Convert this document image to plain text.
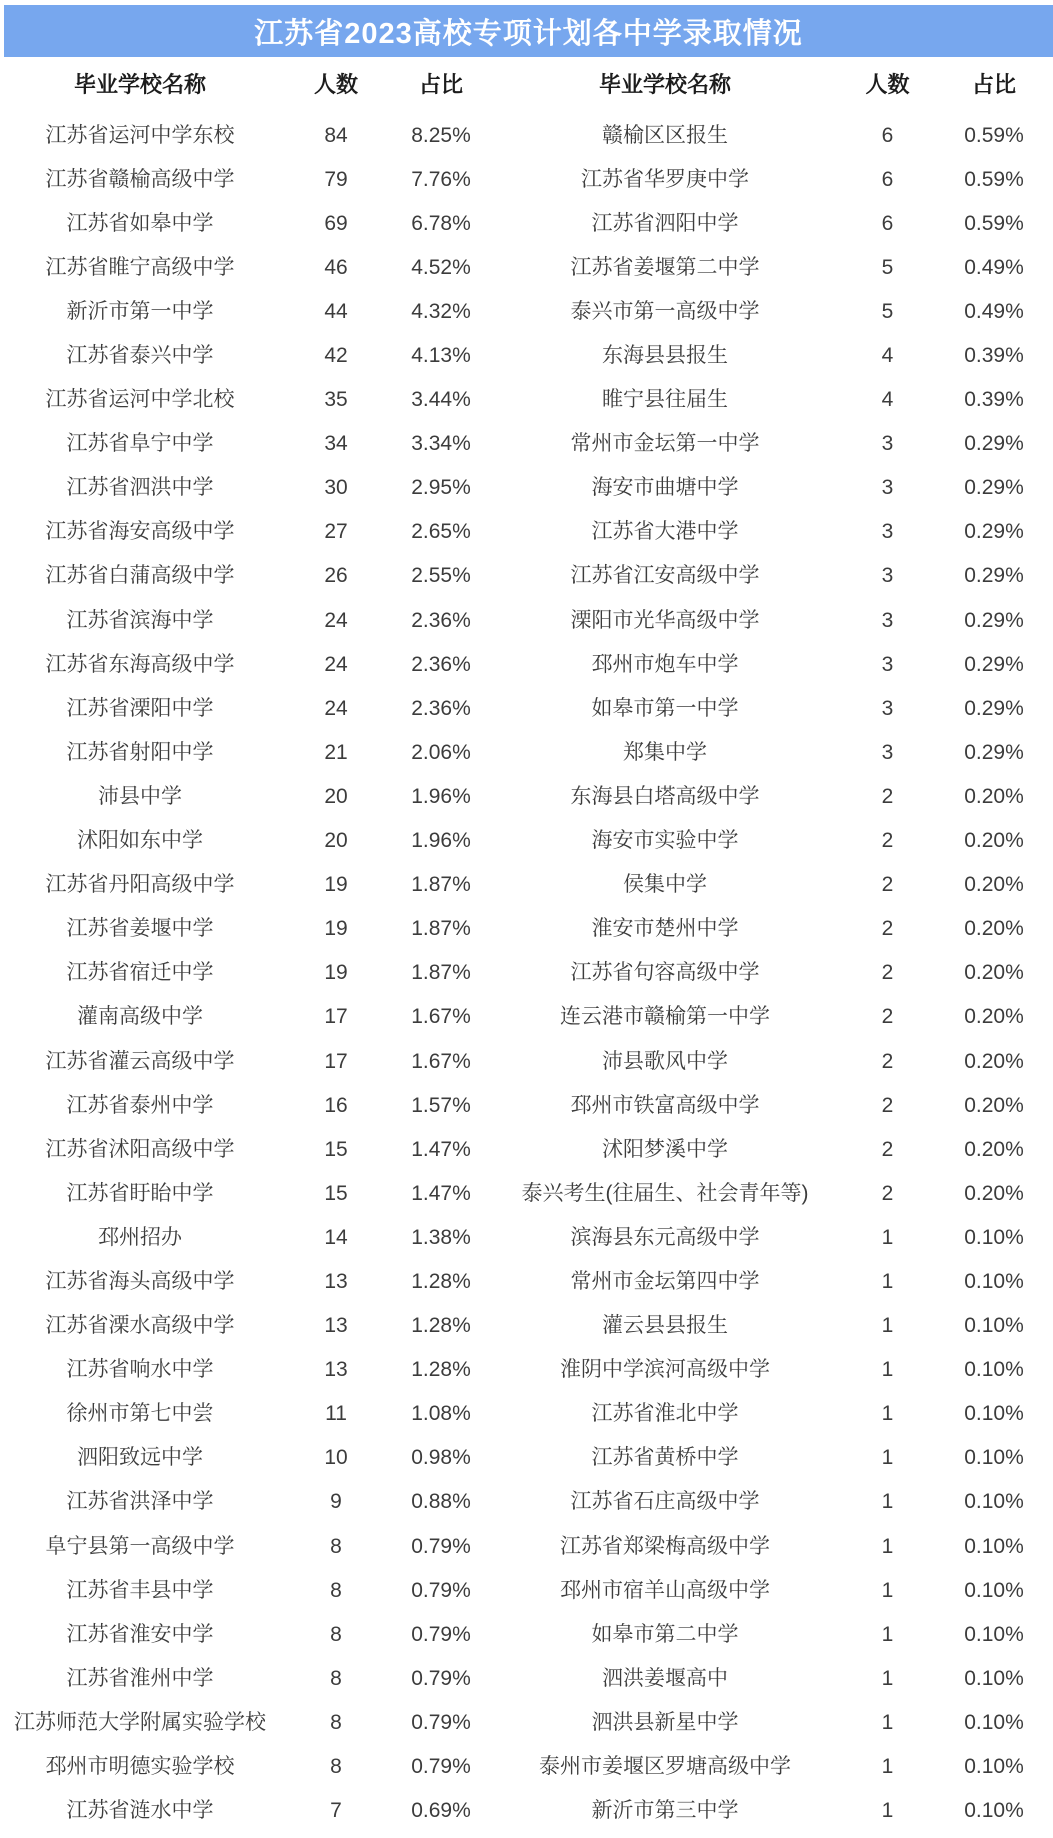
江苏省2023高校专项计划各中学录取情况
毕业学校名称	人数	占比
江苏省运河中学东校	84	8.25%
江苏省赣榆高级中学	79	7.76%
江苏省如皋中学	69	6.78%
江苏省睢宁高级中学	46	4.52%
新沂市第一中学	44	4.32%
江苏省泰兴中学	42	4.13%
江苏省运河中学北校	35	3.44%
江苏省阜宁中学	34	3.34%
江苏省泗洪中学	30	2.95%
江苏省海安高级中学	27	2.65%
江苏省白蒲高级中学	26	2.55%
江苏省滨海中学	24	2.36%
江苏省东海高级中学	24	2.36%
江苏省溧阳中学	24	2.36%
江苏省射阳中学	21	2.06%
沛县中学	20	1.96%
沭阳如东中学	20	1.96%
江苏省丹阳高级中学	19	1.87%
江苏省姜堰中学	19	1.87%
江苏省宿迁中学	19	1.87%
灌南高级中学	17	1.67%
江苏省灌云高级中学	17	1.67%
江苏省泰州中学	16	1.57%
江苏省沭阳高级中学	15	1.47%
江苏省盱眙中学	15	1.47%
邳州招办	14	1.38%
江苏省海头高级中学	13	1.28%
江苏省溧水高级中学	13	1.28%
江苏省响水中学	13	1.28%
徐州市第七中尝	11	1.08%
泗阳致远中学	10	0.98%
江苏省洪泽中学	9	0.88%
阜宁县第一高级中学	8	0.79%
江苏省丰县中学	8	0.79%
江苏省淮安中学	8	0.79%
江苏省淮州中学	8	0.79%
江苏师范大学附属实验学校	8	0.79%
邳州市明德实验学校	8	0.79%
江苏省涟水中学	7	0.69%
毕业学校名称	人数	占比
赣榆区区报生	6	0.59%
江苏省华罗庚中学	6	0.59%
江苏省泗阳中学	6	0.59%
江苏省姜堰第二中学	5	0.49%
泰兴市第一高级中学	5	0.49%
东海县县报生	4	0.39%
睢宁县往届生	4	0.39%
常州市金坛第一中学	3	0.29%
海安市曲塘中学	3	0.29%
江苏省大港中学	3	0.29%
江苏省江安高级中学	3	0.29%
溧阳市光华高级中学	3	0.29%
邳州市炮车中学	3	0.29%
如皋市第一中学	3	0.29%
郑集中学	3	0.29%
东海县白塔高级中学	2	0.20%
海安市实验中学	2	0.20%
侯集中学	2	0.20%
淮安市楚州中学	2	0.20%
江苏省句容高级中学	2	0.20%
连云港市赣榆第一中学	2	0.20%
沛县歌风中学	2	0.20%
邳州市铁富高级中学	2	0.20%
沭阳梦溪中学	2	0.20%
泰兴考生(往届生、社会青年等)	2	0.20%
滨海县东元高级中学	1	0.10%
常州市金坛第四中学	1	0.10%
灌云县县报生	1	0.10%
淮阴中学滨河高级中学	1	0.10%
江苏省淮北中学	1	0.10%
江苏省黄桥中学	1	0.10%
江苏省石庄高级中学	1	0.10%
江苏省郑梁梅高级中学	1	0.10%
邳州市宿羊山高级中学	1	0.10%
如皋市第二中学	1	0.10%
泗洪姜堰高中	1	0.10%
泗洪县新星中学	1	0.10%
泰州市姜堰区罗塘高级中学	1	0.10%
新沂市第三中学	1	0.10%
